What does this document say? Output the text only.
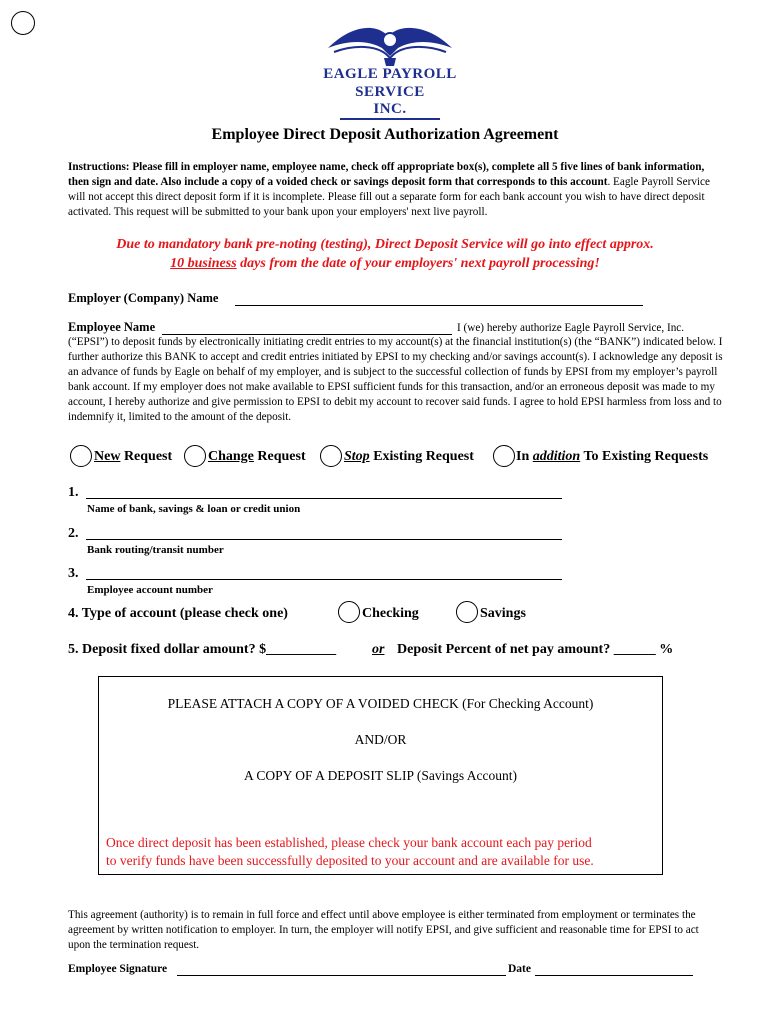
EAGLE PAYROLL
SERVICE INC.
Employee Direct Deposit Authorization Agreement
Instructions: Please fill in employer name, employee name, check off appropriate box(s), complete all 5 five lines of bank information, then sign and date. Also include a copy of a voided check or savings deposit form that corresponds to this account. Eagle Payroll Service will not accept this direct deposit form if it is incomplete. Please fill out a separate form for each bank account you wish to have direct deposit activated. This request will be submitted to your bank upon your employers' next live payroll.
Due to mandatory bank pre-noting (testing), Direct Deposit Service will go into effect approx.
10 business days from the date of your employers' next payroll processing!
Employer (Company) Name
Employee Name	I (we) hereby authorize Eagle Payroll Service, Inc.
(“EPSI”) to deposit funds by electronically initiating credit entries to my account(s) at the financial institution(s) (the “BANK”) indicated below. I further authorize this BANK to accept and credit entries initiated by EPSI to my checking and/or savings account(s). I acknowledge any deposit is an advance of funds by Eagle on behalf of my employer, and is subject to the successful collection of funds by EPSI from my employer’s payroll bank account. If my employer does not make available to EPSI sufficient funds for this transaction, and/or an erroneous deposit was made to my account, I hereby authorize and give permission to EPSI to debit my account to recover said funds. I agree to hold EPSI harmless from loss and to indemnify it, limited to the amount of the deposit.
New Request	Change Request	Stop Existing Request	In addition To Existing Requests
1.
Name of bank, savings & loan or credit union
2.
Bank routing/transit number
3.
Employee account number
4. Type of account (please check one)	Checking	Savings
5. Deposit fixed dollar amount? $__________	or Deposit Percent of net pay amount? ______ %
PLEASE ATTACH A COPY OF A VOIDED CHECK (For Checking Account)
AND/OR
A COPY OF A DEPOSIT SLIP (Savings Account)
Once direct deposit has been established, please check your bank account each pay period
to verify funds have been successfully deposited to your account and are available for use.
This agreement (authority) is to remain in full force and effect until above employee is either terminated from employment or terminates the agreement by written notification to employer. In turn, the employer will notify EPSI, and give sufficient and reasonable time for EPSI to act upon the termination request.
Employee Signature	Date
